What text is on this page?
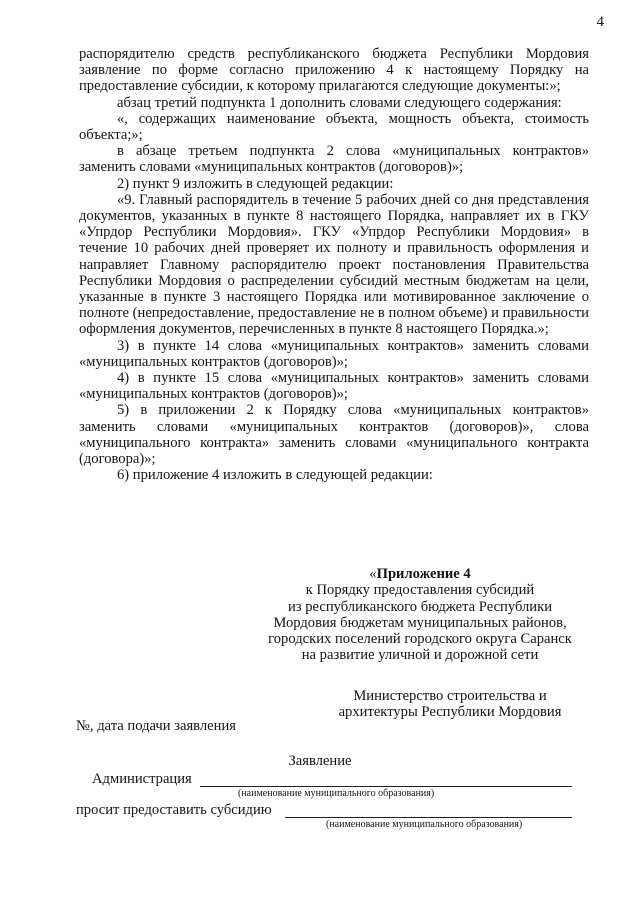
4

распорядителю средств республиканского бюджета Республики Мордовия заявление по форме согласно приложению 4 к настоящему Порядку на предоставление субсидии, к которому прилагаются следующие документы:»;

абзац третий подпункта 1 дополнить словами следующего содержания:

«, содержащих наименование объекта, мощность объекта, стоимость объекта;»;

в абзаце третьем подпункта 2 слова «муниципальных контрактов» заменить словами «муниципальных контрактов (договоров)»;

2) пункт 9 изложить в следующей редакции:

«9. Главный распорядитель в течение 5 рабочих дней со дня представления документов, указанных в пункте 8 настоящего Порядка, направляет их в ГКУ «Упрдор Республики Мордовия». ГКУ «Упрдор Республики Мордовия» в течение 10 рабочих дней проверяет их полноту и правильность оформления и направляет Главному распорядителю проект постановления Правительства Республики Мордовия о распределении субсидий местным бюджетам на цели, указанные в пункте 3 настоящего Порядка или мотивированное заключение о полноте (непредоставление, предоставление не в полном объеме) и правильности оформления документов, перечисленных в пункте 8 настоящего Порядка.»;

3) в пункте 14 слова «муниципальных контрактов» заменить словами «муниципальных контрактов (договоров)»;

4) в пункте 15 слова «муниципальных контрактов» заменить словами «муниципальных контрактов (договоров)»;

5) в приложении 2 к Порядку слова «муниципальных контрактов» заменить словами «муниципальных контрактов (договоров)», слова «муниципального контракта» заменить словами «муниципального контракта (договора)»;

6) приложение 4 изложить в следующей редакции:

«Приложение 4
к Порядку предоставления субсидий
из республиканского бюджета Республики
Мордовия бюджетам муниципальных районов,
городских поселений городского округа Саранск
на развитие уличной и дорожной сети
Министерство строительства и
архитектуры Республики Мордовия
№, дата подачи заявления
Заявление
Администрация
(наименование муниципального образования)
просит предоставить субсидию
(наименование муниципального образования)
